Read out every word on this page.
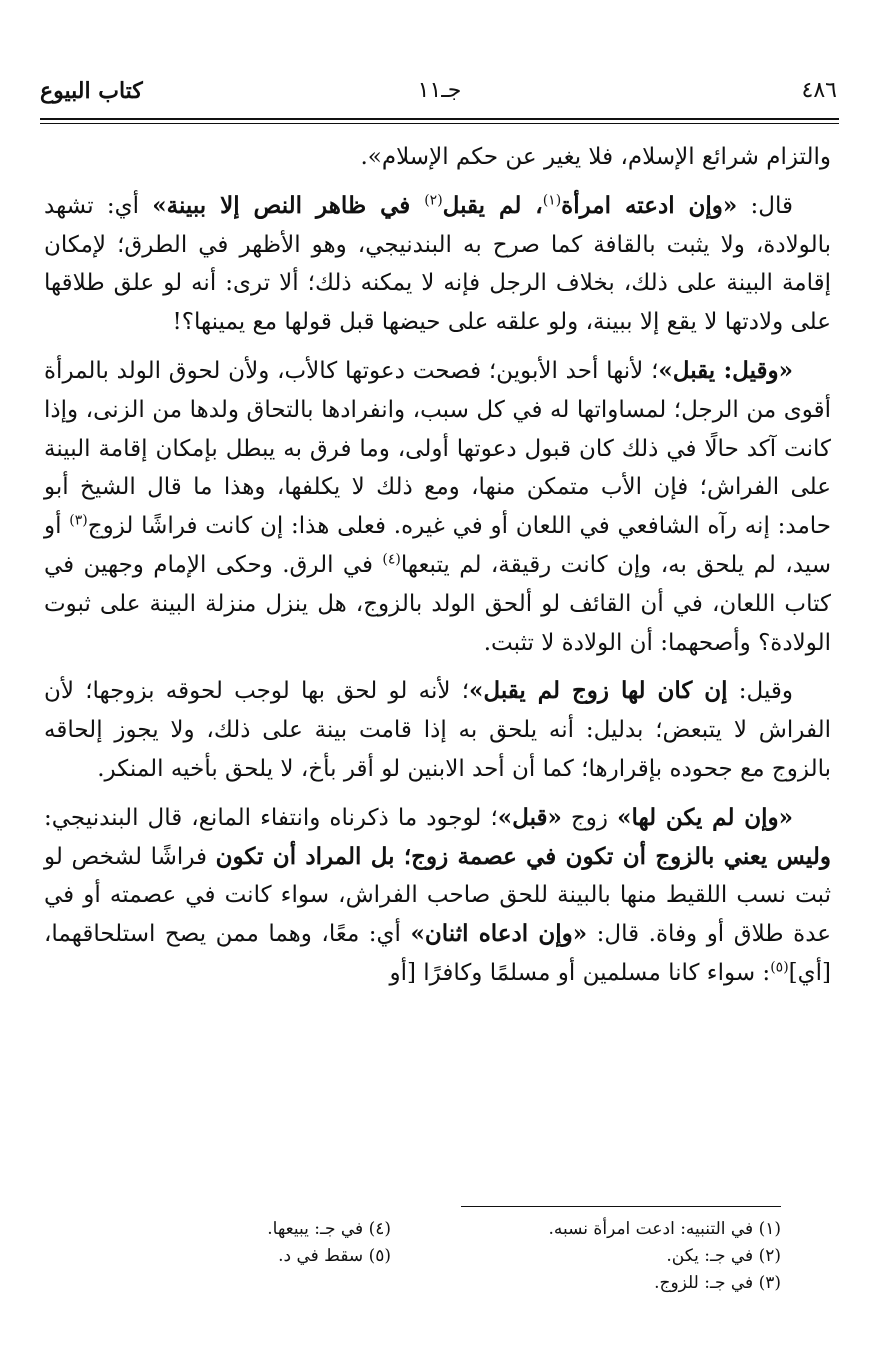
٤٨٦
جـ١١
كتاب البيوع

والتزام شرائع الإسلام، فلا يغير عن حكم الإسلام».

قال: «وإن ادعته امرأة$^{(١)}$، لم يقبل$^{(٢)}$ في ظاهر النص إلا ببينة» أي: تشهد بالولادة، ولا يثبت بالقافة كما صرح به البندنيجي، وهو الأظهر في الطرق؛ لإمكان إقامة البينة على ذلك، بخلاف الرجل فإنه لا يمكنه ذلك؛ ألا ترى: أنه لو علق طلاقها على ولادتها لا يقع إلا ببينة، ولو علقه على حيضها قبل قولها مع يمينها؟!

«وقيل: يقبل»؛ لأنها أحد الأبوين؛ فصحت دعوتها كالأب، ولأن لحوق الولد بالمرأة أقوى من الرجل؛ لمساواتها له في كل سبب، وانفرادها بالتحاق ولدها من الزنى، وإذا كانت آكد حالًا في ذلك كان قبول دعوتها أولى، وما فرق به يبطل بإمكان إقامة البينة على الفراش؛ فإن الأب متمكن منها، ومع ذلك لا يكلفها، وهذا ما قال الشيخ أبو حامد: إنه رآه الشافعي في اللعان أو في غيره. فعلى هذا: إن كانت فراشًا لزوج$^{(٣)}$ أو سيد، لم يلحق به، وإن كانت رقيقة، لم يتبعها$^{(٤)}$ في الرق. وحكى الإمام وجهين في كتاب اللعان، في أن القائف لو ألحق الولد بالزوج، هل ينزل منزلة البينة على ثبوت الولادة؟ وأصحهما: أن الولادة لا تثبت.

وقيل: إن كان لها زوج لم يقبل»؛ لأنه لو لحق بها لوجب لحوقه بزوجها؛ لأن الفراش لا يتبعض؛ بدليل: أنه يلحق به إذا قامت بينة على ذلك، ولا يجوز إلحاقه بالزوج مع جحوده بإقرارها؛ كما أن أحد الابنين لو أقر بأخ، لا يلحق بأخيه المنكر.

«وإن لم يكن لها» زوج «قبل»؛ لوجود ما ذكرناه وانتفاء المانع، قال البندنيجي: وليس يعني بالزوج أن تكون في عصمة زوج؛ بل المراد أن تكون فراشًا لشخص لو ثبت نسب اللقيط منها بالبينة للحق صاحب الفراش، سواء كانت في عصمته أو في عدة طلاق أو وفاة. قال: «وإن ادعاه اثنان» أي: معًا، وهما ممن يصح استلحاقهما، [أي]$^{(٥)}$: سواء كانا مسلمين أو مسلمًا وكافرًا [أو

(١) في التنبيه: ادعت امرأة نسبه.
(٢) في جـ: يكن.
(٣) في جـ: للزوج.
(٤) في جـ: يبيعها.
(٥) سقط في د.
